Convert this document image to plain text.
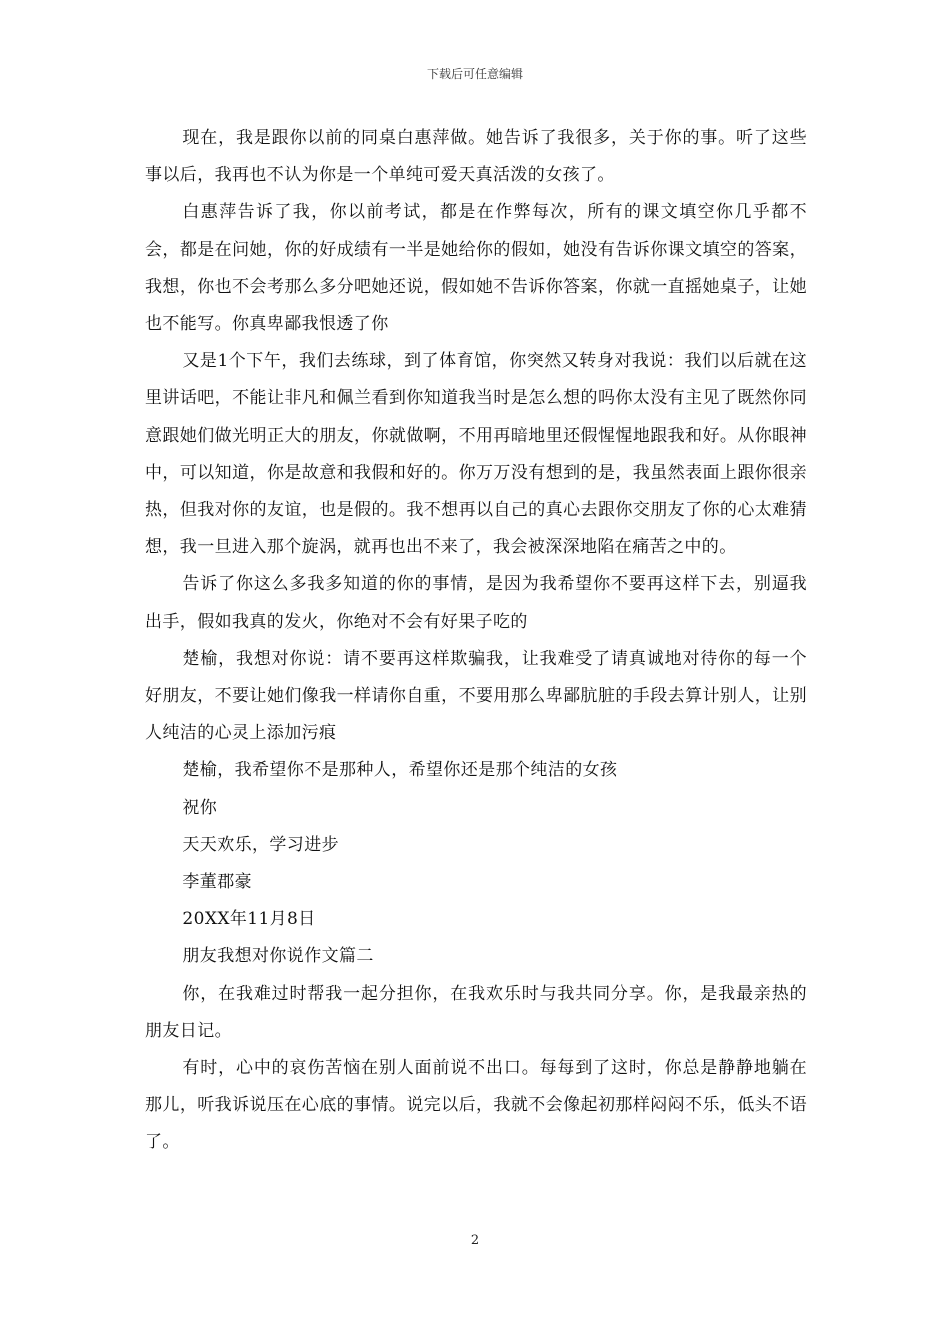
下载后可任意编辑

现在，我是跟你以前的同桌白惠萍做。她告诉了我很多，关于你的事。听了这些事以后，我再也不认为你是一个单纯可爱天真活泼的女孩了。

白惠萍告诉了我，你以前考试，都是在作弊每次，所有的课文填空你几乎都不会，都是在问她，你的好成绩有一半是她给你的假如，她没有告诉你课文填空的答案，我想，你也不会考那么多分吧她还说，假如她不告诉你答案，你就一直摇她桌子，让她也不能写。你真卑鄙我恨透了你

又是1个下午，我们去练球，到了体育馆，你突然又转身对我说：我们以后就在这里讲话吧，不能让非凡和佩兰看到你知道我当时是怎么想的吗你太没有主见了既然你同意跟她们做光明正大的朋友，你就做啊，不用再暗地里还假惺惺地跟我和好。从你眼神中，可以知道，你是故意和我假和好的。你万万没有想到的是，我虽然表面上跟你很亲热，但我对你的友谊，也是假的。我不想再以自己的真心去跟你交朋友了你的心太难猜想，我一旦进入那个旋涡，就再也出不来了，我会被深深地陷在痛苦之中的。

告诉了你这么多我多知道的你的事情，是因为我希望你不要再这样下去，别逼我出手，假如我真的发火，你绝对不会有好果子吃的

楚榆，我想对你说：请不要再这样欺骗我，让我难受了请真诚地对待你的每一个好朋友，不要让她们像我一样请你自重，不要用那么卑鄙肮脏的手段去算计别人，让别人纯洁的心灵上添加污痕

楚榆，我希望你不是那种人，希望你还是那个纯洁的女孩

祝你

天天欢乐，学习进步

李董郡豪

20XX年11月8日

朋友我想对你说作文篇二

你，在我难过时帮我一起分担你，在我欢乐时与我共同分享。你，是我最亲热的朋友日记。

有时，心中的哀伤苦恼在别人面前说不出口。每每到了这时，你总是静静地躺在那儿，听我诉说压在心底的事情。说完以后，我就不会像起初那样闷闷不乐，低头不语了。

2
